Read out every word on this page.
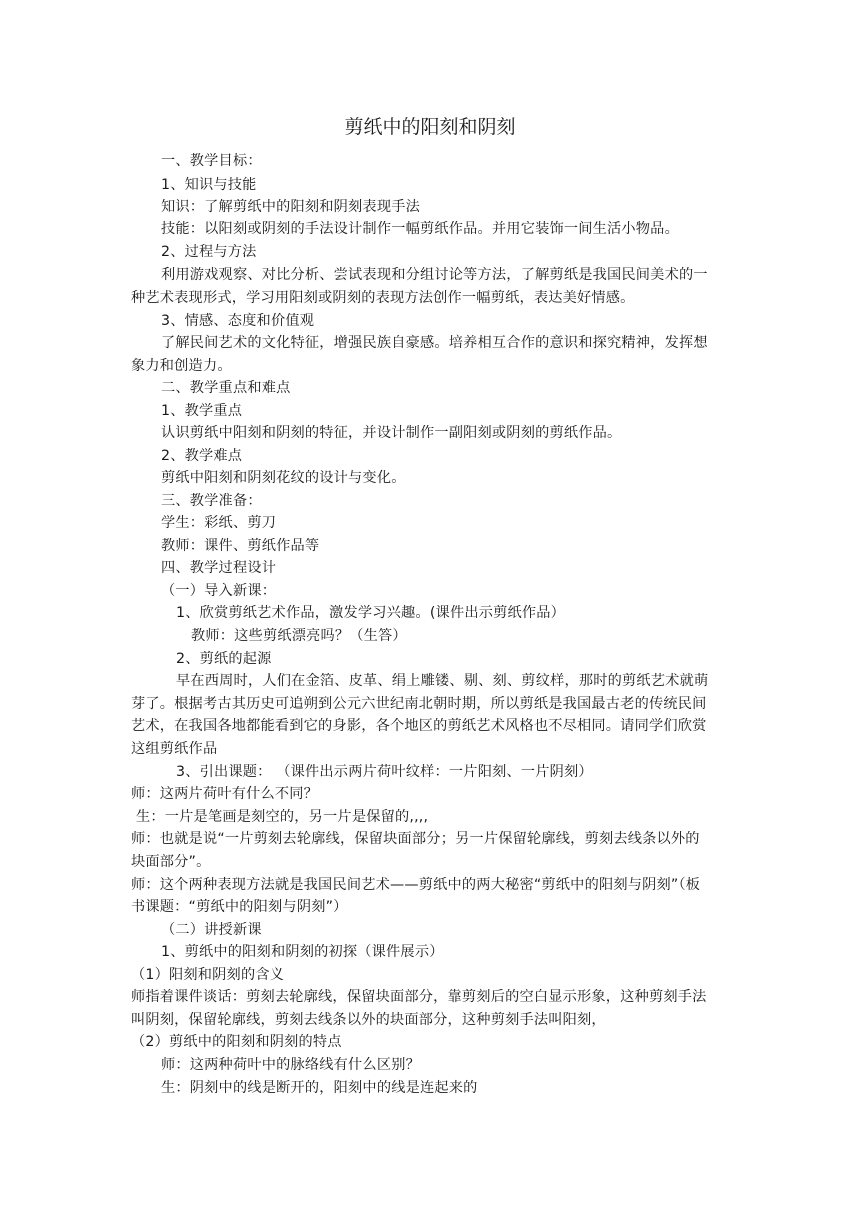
剪纸中的阳刻和阴刻
一、教学目标：
1、知识与技能
知识：了解剪纸中的阳刻和阴刻表现手法
技能：以阳刻或阴刻的手法设计制作一幅剪纸作品。并用它装饰一间生活小物品。
2、过程与方法
利用游戏观察、对比分析、尝试表现和分组讨论等方法，了解剪纸是我国民间美术的一
种艺术表现形式，学习用阳刻或阴刻的表现方法创作一幅剪纸，表达美好情感。
3、情感、态度和价值观
了解民间艺术的文化特征，增强民族自豪感。培养相互合作的意识和探究精神，发挥想
象力和创造力。
二、教学重点和难点
1、教学重点
认识剪纸中阳刻和阴刻的特征，并设计制作一副阳刻或阴刻的剪纸作品。
2、教学难点
剪纸中阳刻和阴刻花纹的设计与变化。
三、教学准备：
学生：彩纸、剪刀
教师：课件、剪纸作品等
四、教学过程设计
（一）导入新课：
1、欣赏剪纸艺术作品，激发学习兴趣。(课件出示剪纸作品）
教师：这些剪纸漂亮吗？（生答）
2、剪纸的起源
早在西周时，人们在金箔、皮革、绢上雕镂、剔、刻、剪纹样，那时的剪纸艺术就萌
芽了。根据考古其历史可追朔到公元六世纪南北朝时期，所以剪纸是我国最古老的传统民间
艺术，在我国各地都能看到它的身影，各个地区的剪纸艺术风格也不尽相同。请同学们欣赏
这组剪纸作品
3、引出课题： （课件出示两片荷叶纹样：一片阳刻、一片阴刻）
师：这两片荷叶有什么不同？
生：一片是笔画是刻空的，另一片是保留的,,,,
师：也就是说“一片剪刻去轮廓线，保留块面部分；另一片保留轮廓线，剪刻去线条以外的
块面部分”。
师：这个两种表现方法就是我国民间艺术——剪纸中的两大秘密“剪纸中的阳刻与阴刻”（板
书课题：“剪纸中的阳刻与阴刻”）
（二）讲授新课
1、剪纸中的阳刻和阴刻的初探（课件展示）
（1）阳刻和阴刻的含义
师指着课件谈话：剪刻去轮廓线，保留块面部分，靠剪刻后的空白显示形象，这种剪刻手法
叫阴刻，保留轮廓线，剪刻去线条以外的块面部分，这种剪刻手法叫阳刻，
（2）剪纸中的阳刻和阴刻的特点
师：这两种荷叶中的脉络线有什么区别？
生：阴刻中的线是断开的，阳刻中的线是连起来的
